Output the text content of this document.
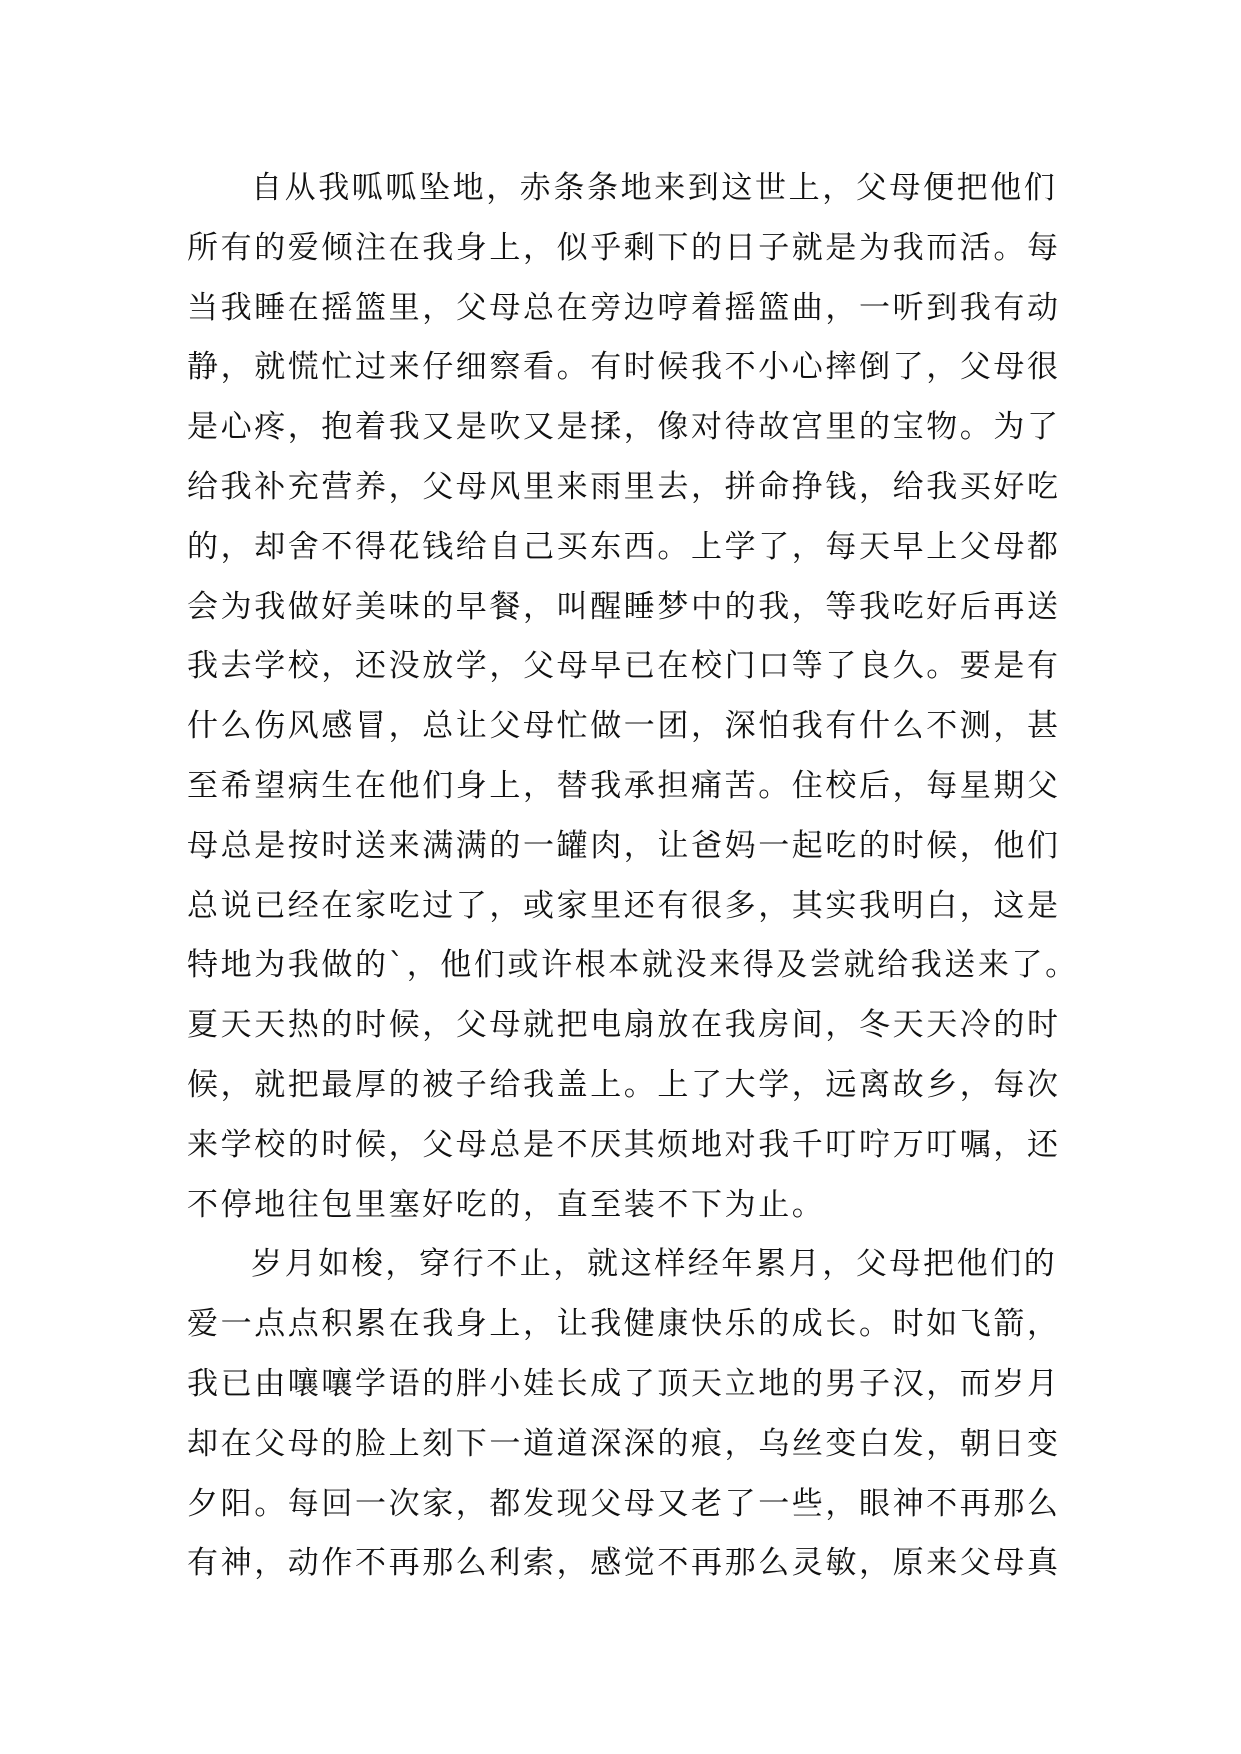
自从我呱呱坠地，赤条条地来到这世上，父母便把他们
所有的爱倾注在我身上，似乎剩下的日子就是为我而活。每
当我睡在摇篮里，父母总在旁边哼着摇篮曲，一听到我有动
静，就慌忙过来仔细察看。有时候我不小心摔倒了，父母很
是心疼，抱着我又是吹又是揉，像对待故宫里的宝物。为了
给我补充营养，父母风里来雨里去，拼命挣钱，给我买好吃
的，却舍不得花钱给自己买东西。上学了，每天早上父母都
会为我做好美味的早餐，叫醒睡梦中的我，等我吃好后再送
我去学校，还没放学，父母早已在校门口等了良久。要是有
什么伤风感冒，总让父母忙做一团，深怕我有什么不测，甚
至希望病生在他们身上，替我承担痛苦。住校后，每星期父
母总是按时送来满满的一罐肉，让爸妈一起吃的时候，他们
总说已经在家吃过了，或家里还有很多，其实我明白，这是
特地为我做的`，他们或许根本就没来得及尝就给我送来了。
夏天天热的时候，父母就把电扇放在我房间，冬天天冷的时
候，就把最厚的被子给我盖上。上了大学，远离故乡，每次
来学校的时候，父母总是不厌其烦地对我千叮咛万叮嘱，还
不停地往包里塞好吃的，直至装不下为止。
岁月如梭，穿行不止，就这样经年累月，父母把他们的
爱一点点积累在我身上，让我健康快乐的成长。时如飞箭，
我已由嚷嚷学语的胖小娃长成了顶天立地的男子汉，而岁月
却在父母的脸上刻下一道道深深的痕，乌丝变白发，朝日变
夕阳。每回一次家，都发现父母又老了一些，眼神不再那么
有神，动作不再那么利索，感觉不再那么灵敏，原来父母真
